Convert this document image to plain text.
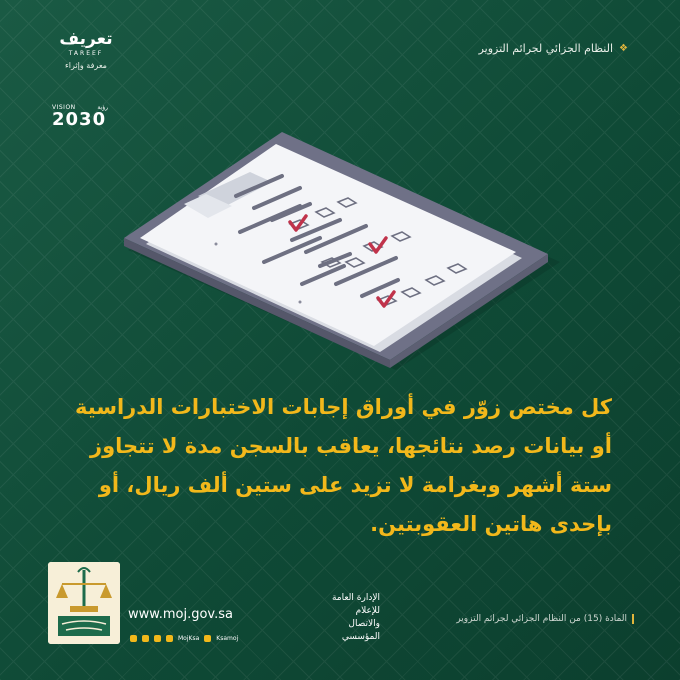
❖
النظام الجزائي لجرائم التزوير
تعريف
TAREEF
معرفة وإثراء
VISION	رؤية
2030
كل مختص زوّر في أوراق إجابات الاختبارات الدراسية
أو بيانات رصد نتائجها، يعاقب بالسجن مدة لا تتجاوز
ستة أشهر وبغرامة لا تزيد على ستين ألف ريال، أو
بإحدى هاتين العقوبتين.
www.moj.gov.sa
MojKsa	Ksamoj
الإدارة العامة للإعلام
والاتصال المؤسسي
المادة (15) من النظام الجزائي لجرائم التزوير
